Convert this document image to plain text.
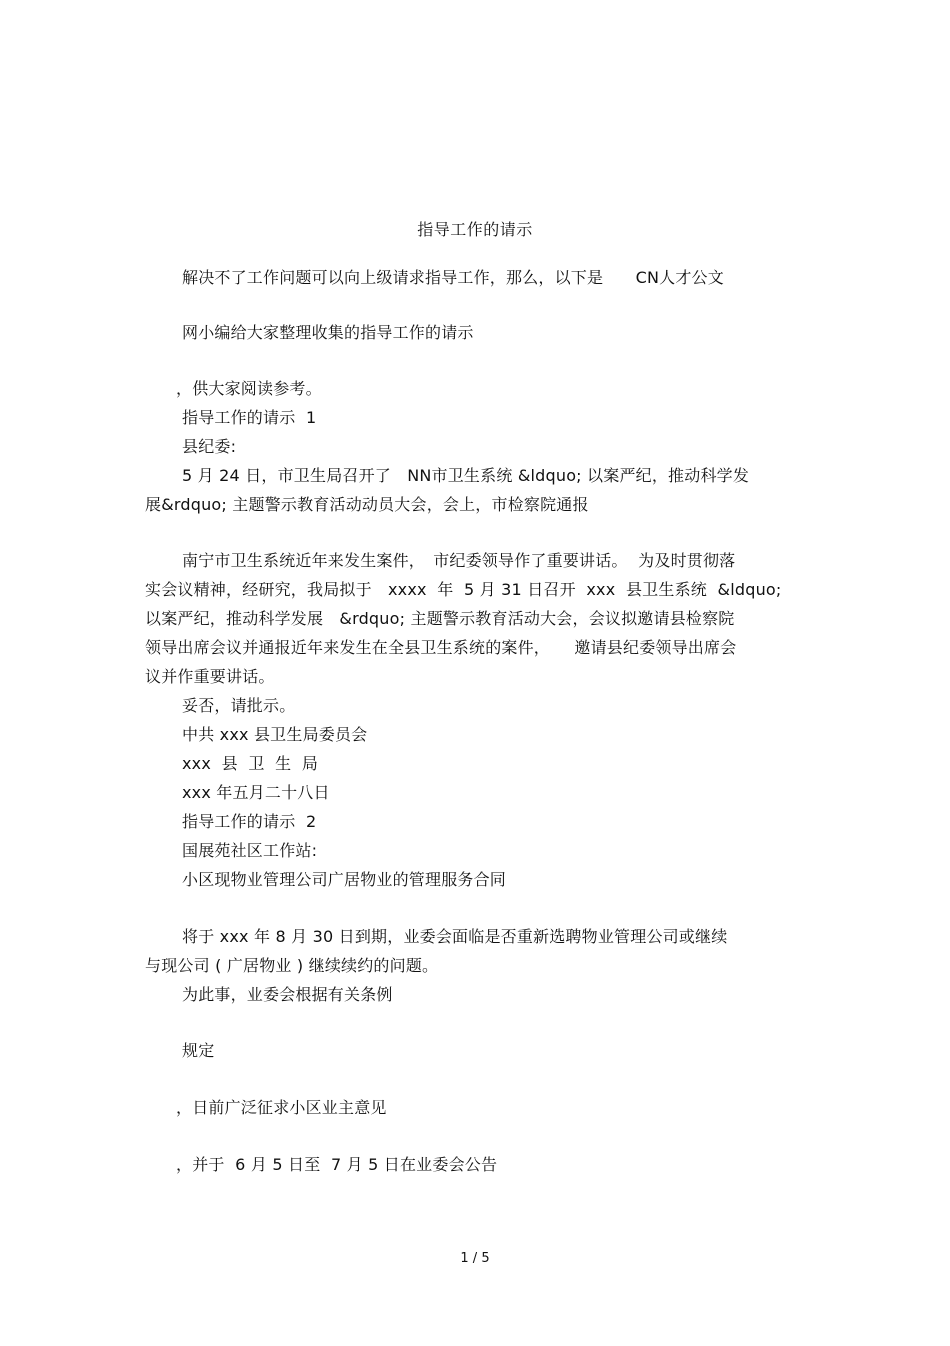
指导工作的请示
解决不了工作问题可以向上级请求指导工作，那么，以下是　　CN人才公文
网小编给大家整理收集的指导工作的请示
，供大家阅读参考。
指导工作的请示  1
县纪委:
5 月 24 日，市卫生局召开了　NN市卫生系统 &ldquo; 以案严纪，推动科学发
展&rdquo; 主题警示教育活动动员大会，会上，市检察院通报
南宁市卫生系统近年来发生案件，　市纪委领导作了重要讲话。  为及时贯彻落
实会议精神，经研究，我局拟于　xxxx  年  5 月 31 日召开  xxx  县卫生系统  &ldquo;
以案严纪，推动科学发展　&rdquo; 主题警示教育活动大会，会议拟邀请县检察院
领导出席会议并通报近年来发生在全县卫生系统的案件，　　邀请县纪委领导出席会
议并作重要讲话。
妥否，请批示。
中共 xxx 县卫生局委员会
xxx  县  卫  生  局
xxx 年五月二十八日
指导工作的请示  2
国展苑社区工作站:
小区现物业管理公司广居物业的管理服务合同
将于 xxx 年 8 月 30 日到期，业委会面临是否重新选聘物业管理公司或继续
与现公司 ( 广居物业 ) 继续续约的问题。
为此事，业委会根据有关条例
规定
，日前广泛征求小区业主意见
，并于  6 月 5 日至  7 月 5 日在业委会公告
1 / 5
